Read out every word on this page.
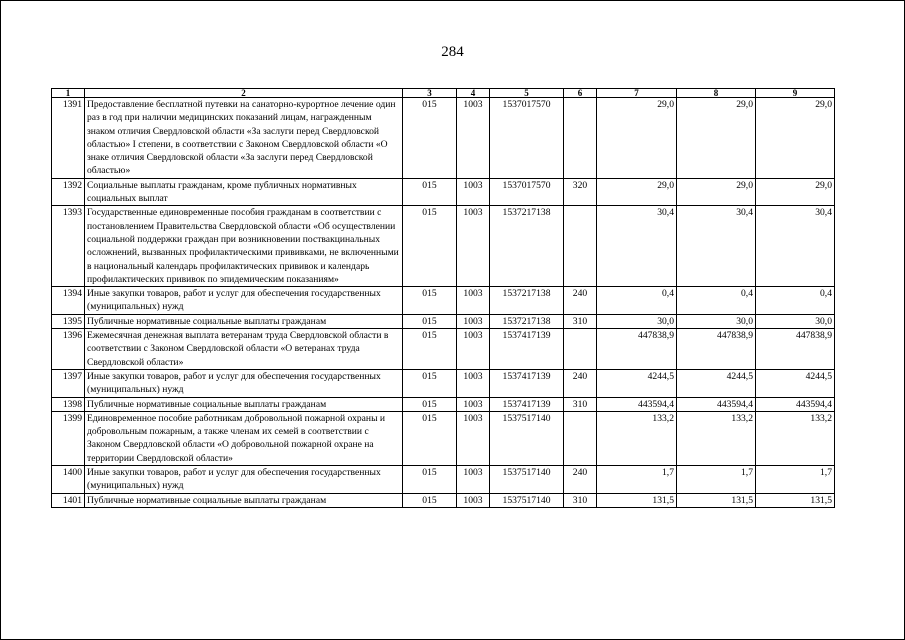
284
1	2	3	4	5	6	7	8	9
1391	Предоставление бесплатной путевки на санаторно-курортное лечение один раз в год при наличии медицинских показаний лицам, награжденным знаком отличия Свердловской области «За заслуги перед Свердловской областью» I степени, в соответствии с Законом Свердловской области «О знаке отличия Свердловской области «За заслуги перед Свердловской областью»	015	1003	1537017570		29,0	29,0	29,0
1392	Социальные выплаты гражданам, кроме публичных нормативных социальных выплат	015	1003	1537017570	320	29,0	29,0	29,0
1393	Государственные единовременные пособия гражданам в соответствии с постановлением Правительства Свердловской области «Об осуществлении социальной поддержки граждан при возникновении поствакцинальных осложнений, вызванных профилактическими прививками, не включенными в национальный календарь профилактических прививок и календарь профилактических прививок по эпидемическим показаниям»	015	1003	1537217138		30,4	30,4	30,4
1394	Иные закупки товаров, работ и услуг для обеспечения государственных (муниципальных) нужд	015	1003	1537217138	240	0,4	0,4	0,4
1395	Публичные нормативные социальные выплаты гражданам	015	1003	1537217138	310	30,0	30,0	30,0
1396	Ежемесячная денежная выплата ветеранам труда Свердловской области в соответствии с Законом Свердловской области «О ветеранах труда Свердловской области»	015	1003	1537417139		447838,9	447838,9	447838,9
1397	Иные закупки товаров, работ и услуг для обеспечения государственных (муниципальных) нужд	015	1003	1537417139	240	4244,5	4244,5	4244,5
1398	Публичные нормативные социальные выплаты гражданам	015	1003	1537417139	310	443594,4	443594,4	443594,4
1399	Единовременное пособие работникам добровольной пожарной охраны и добровольным пожарным, а также членам их семей в соответствии с Законом Свердловской области «О добровольной пожарной охране на территории Свердловской области»	015	1003	1537517140		133,2	133,2	133,2
1400	Иные закупки товаров, работ и услуг для обеспечения государственных (муниципальных) нужд	015	1003	1537517140	240	1,7	1,7	1,7
1401	Публичные нормативные социальные выплаты гражданам	015	1003	1537517140	310	131,5	131,5	131,5
